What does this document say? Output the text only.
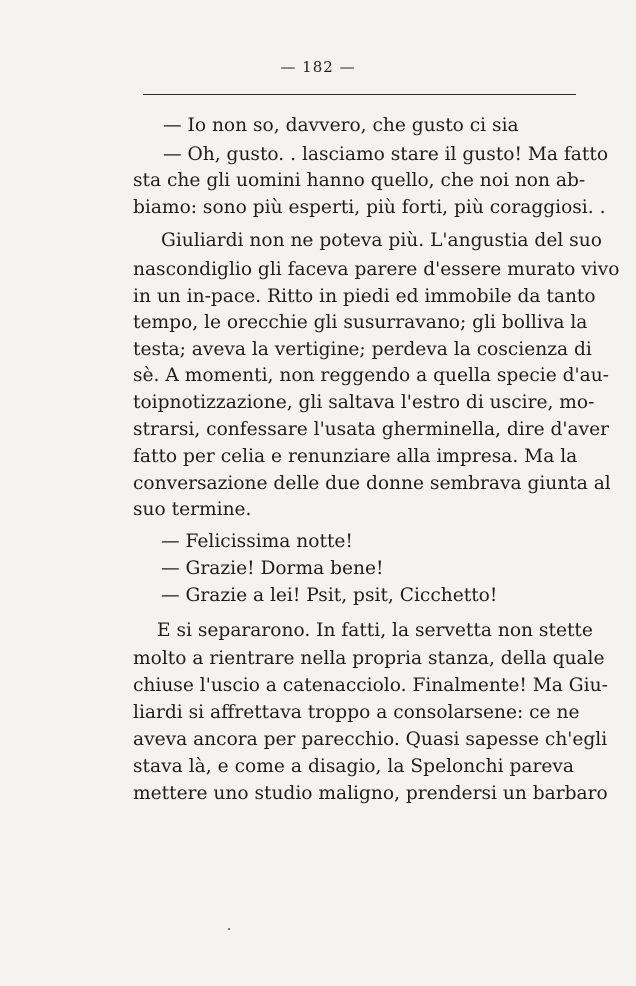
— 182 —
— Io non so, davvero, che gusto ci sia
— Oh, gusto. . lasciamo stare il gusto! Ma fatto
sta che gli uomini hanno quello, che noi non ab-
biamo: sono più esperti, più forti, più coraggiosi. .
Giuliardi non ne poteva più. L'angustia del suo
nascondiglio gli faceva parere d'essere murato vivo
in un in-pace. Ritto in piedi ed immobile da tanto
tempo, le orecchie gli susurravano; gli bolliva la
testa; aveva la vertigine; perdeva la coscienza di
sè. A momenti, non reggendo a quella specie d'au-
toipnotizzazione, gli saltava l'estro di uscire, mo-
strarsi, confessare l'usata gherminella, dire d'aver
fatto per celia e renunziare alla impresa. Ma la
conversazione delle due donne sembrava giunta al
suo termine.
— Felicissima notte!
— Grazie! Dorma bene!
— Grazie a lei! Psit, psit, Cicchetto!
E si separarono. In fatti, la servetta non stette
molto a rientrare nella propria stanza, della quale
chiuse l'uscio a catenacciolo. Finalmente! Ma Giu-
liardi si affrettava troppo a consolarsene: ce ne
aveva ancora per parecchio. Quasi sapesse ch'egli
stava là, e come a disagio, la Spelonchi pareva
mettere uno studio maligno, prendersi un barbaro
